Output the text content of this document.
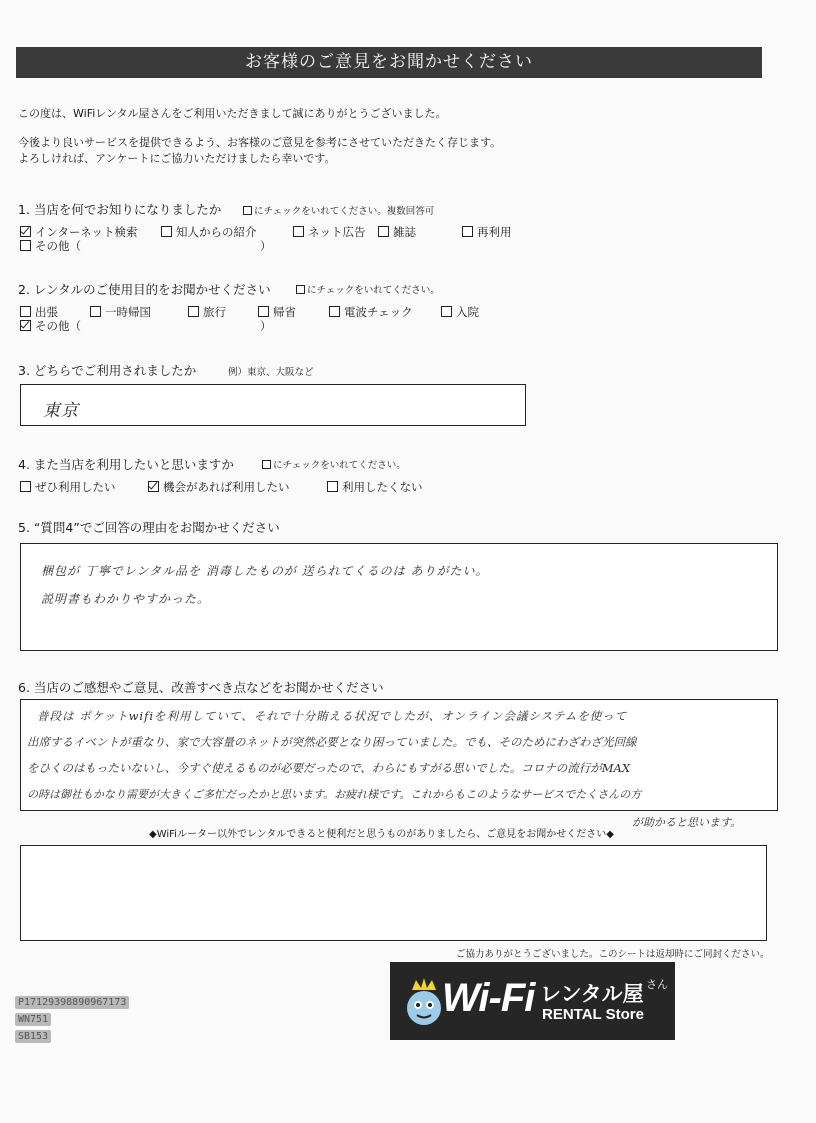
お客様のご意見をお聞かせください
この度は、WiFiレンタル屋さんをご利用いただきまして誠にありがとうございました。
今後より良いサービスを提供できるよう、お客様のご意見を参考にさせていただきたく存じます。
よろしければ、アンケートにご協力いただけましたら幸いです。
1. 当店を何でお知りになりましたか	にチェックをいれてください。複数回答可
インターネット検索	知人からの紹介	ネット広告	雑誌	再利用
その他（	）
2. レンタルのご使用目的をお聞かせください	にチェックをいれてください。
出張	一時帰国	旅行	帰省	電波チェック	入院
その他（	）
3. どちらでご利用されましたか	例）東京、大阪など
東京
4. また当店を利用したいと思いますか	にチェックをいれてください。
ぜひ利用したい	機会があれば利用したい	利用したくない
5. “質問4”でご回答の理由をお聞かせください
梱包が 丁寧でレンタル品を 消毒したものが 送られてくるのは ありがたい。
説明書もわかりやすかった。
6. 当店のご感想やご意見、改善すべき点などをお聞かせください
普段は ポケットwifiを利用していて、それで十分賄える状況でしたが、オンライン会議システムを使って
出席するイベントが重なり、家で大容量のネットが突然必要となり困っていました。でも、そのためにわざわざ光回線
をひくのはもったいないし、今すぐ使えるものが必要だったので、わらにもすがる思いでした。コロナの流行がMAX
の時は御社もかなり需要が大きくご多忙だったかと思います。お疲れ様です。これからもこのようなサービスでたくさんの方
が助かると思います。
◆WiFiルーター以外でレンタルできると便利だと思うものがありましたら、ご意見をお聞かせください◆
ご協力ありがとうございました。このシートは返却時にご同封ください。
Wi-Fi レンタル屋 さん
RENTAL Store
P17129398890967173
WN751
SB153
